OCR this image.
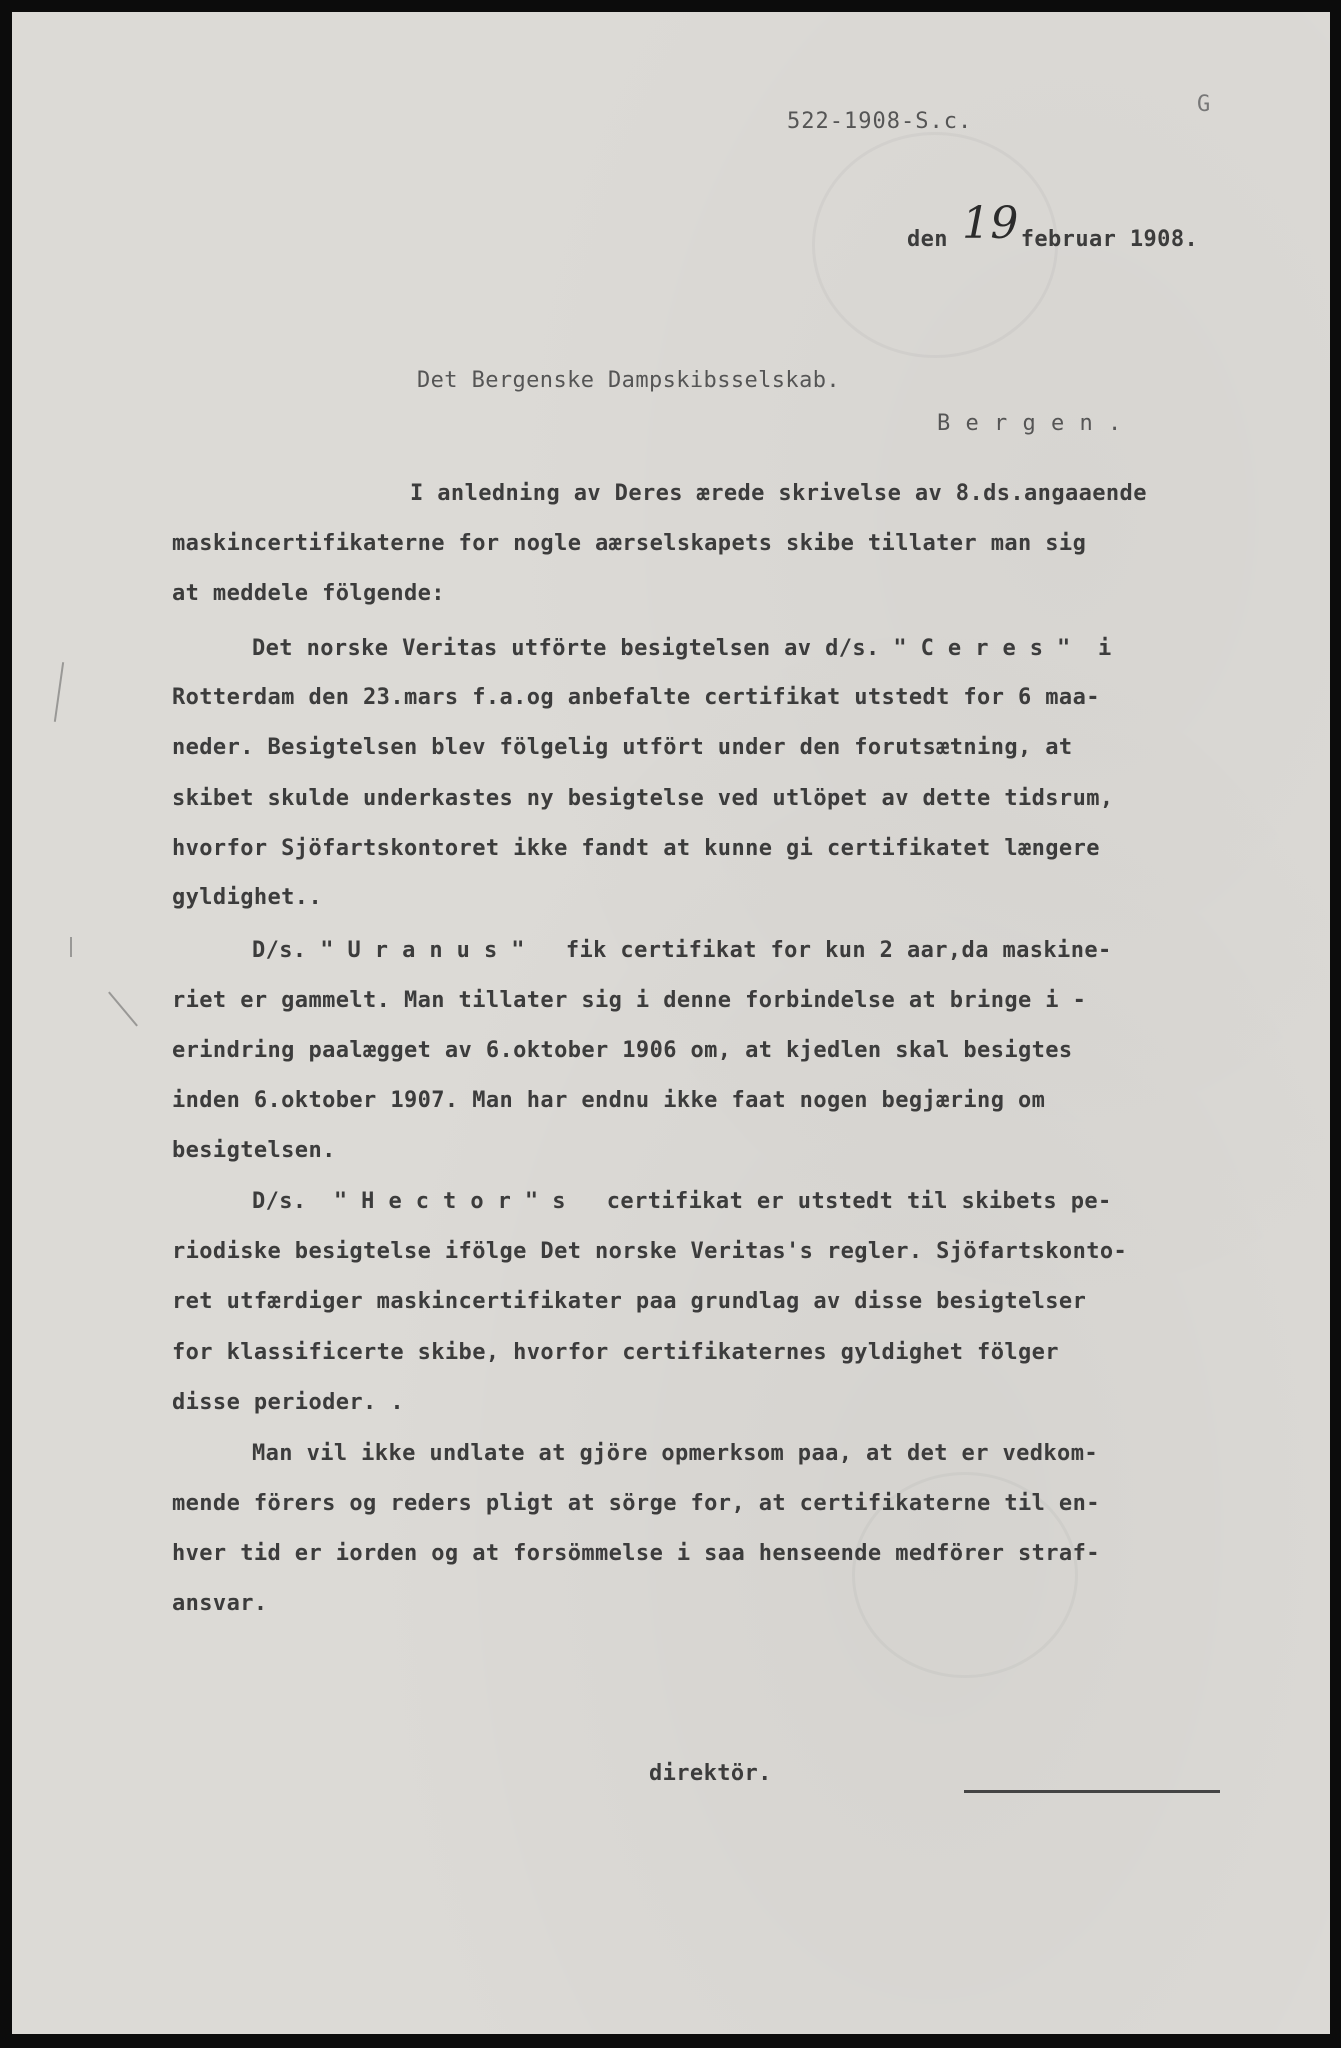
522-1908-S.c.

G

den 19februar 1908.

Det Bergenske Dampskibsselskab.

B e r g e n .

I anledning av Deres ærede skrivelse av 8.ds.angaaende

maskincertifikaterne for nogle aærselskapets skibe tillater man sig

at meddele fölgende:

Det norske Veritas utförte besigtelsen av d/s. " C e r e s "  i

Rotterdam den 23.mars f.a.og anbefalte certifikat utstedt for 6 maa-

neder. Besigtelsen blev fölgelig utfört under den forutsætning, at

skibet skulde underkastes ny besigtelse ved utlöpet av dette tidsrum,

hvorfor Sjöfartskontoret ikke fandt at kunne gi certifikatet længere

gyldighet..

D/s. " U r a n u s "   fik certifikat for kun 2 aar,da maskine-

riet er gammelt. Man tillater sig i denne forbindelse at bringe i -

erindring paalægget av 6.oktober 1906 om, at kjedlen skal besigtes

inden 6.oktober 1907. Man har endnu ikke faat nogen begjæring om

besigtelsen.

D/s.  " H e c t o r " s   certifikat er utstedt til skibets pe-

riodiske besigtelse ifölge Det norske Veritas's regler. Sjöfartskonto-

ret utfærdiger maskincertifikater paa grundlag av disse besigtelser

for klassificerte skibe, hvorfor certifikaternes gyldighet fölger

disse perioder. .

Man vil ikke undlate at gjöre opmerksom paa, at det er vedkom-

mende förers og reders pligt at sörge for, at certifikaterne til en-

hver tid er iorden og at forsömmelse i saa henseende medförer straf-

ansvar.

direktör.
